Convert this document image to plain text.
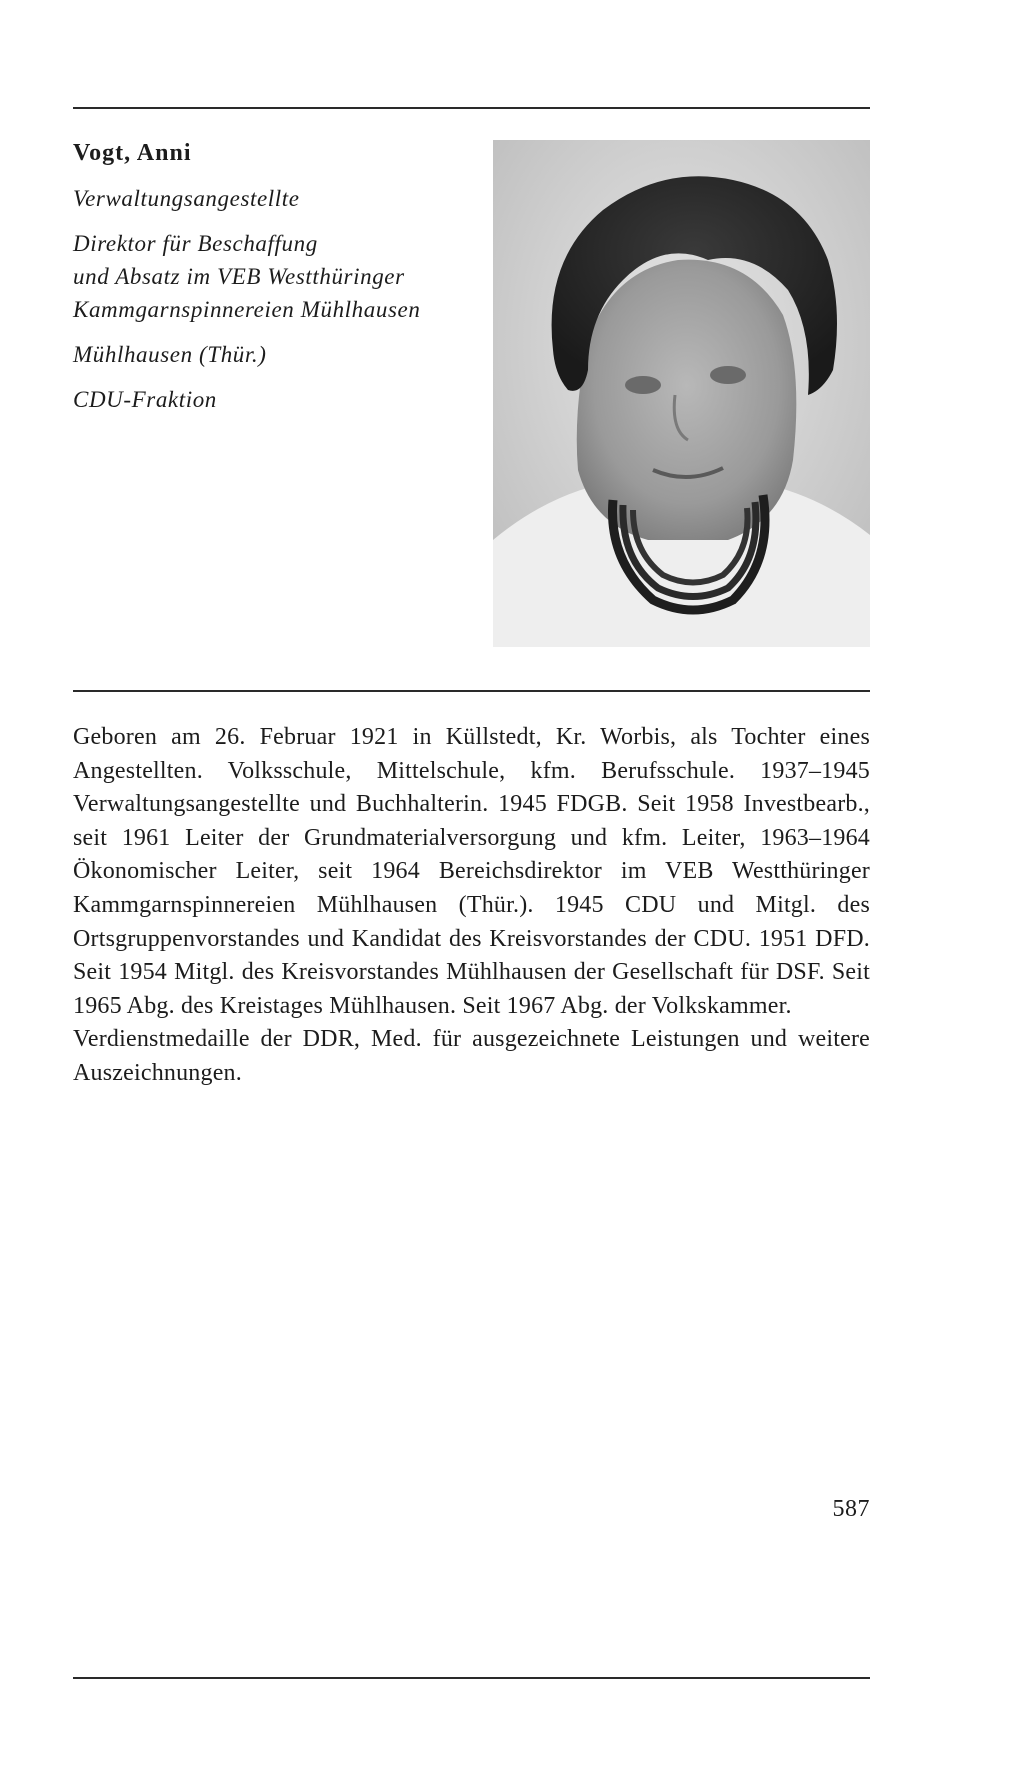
Vogt, Anni

Verwaltungsangestellte

Direktor für Beschaffung

und Absatz im VEB Westthüringer

Kammgarnspinnereien Mühlhausen

Mühlhausen (Thür.)

CDU-Fraktion

Geboren am 26. Februar 1921 in Küllstedt, Kr. Worbis, als Tochter eines Angestellten. Volksschule, Mittelschule, kfm. Berufsschule. 1937–1945 Verwaltungsangestellte und Buchhalterin. 1945 FDGB. Seit 1958 Investbearb., seit 1961 Leiter der Grundmaterialversorgung und kfm. Leiter, 1963–1964 Ökonomischer Leiter, seit 1964 Bereichsdirektor im VEB Westthüringer Kammgarnspinnereien Mühlhausen (Thür.). 1945 CDU und Mitgl. des Ortsgruppenvorstandes und Kandidat des Kreisvorstandes der CDU. 1951 DFD. Seit 1954 Mitgl. des Kreisvorstandes Mühlhausen der Gesellschaft für DSF. Seit 1965 Abg. des Kreistages Mühlhausen. Seit 1967 Abg. der Volkskammer.

Verdienstmedaille der DDR, Med. für ausgezeichnete Leistungen und weitere Auszeichnungen.

587
